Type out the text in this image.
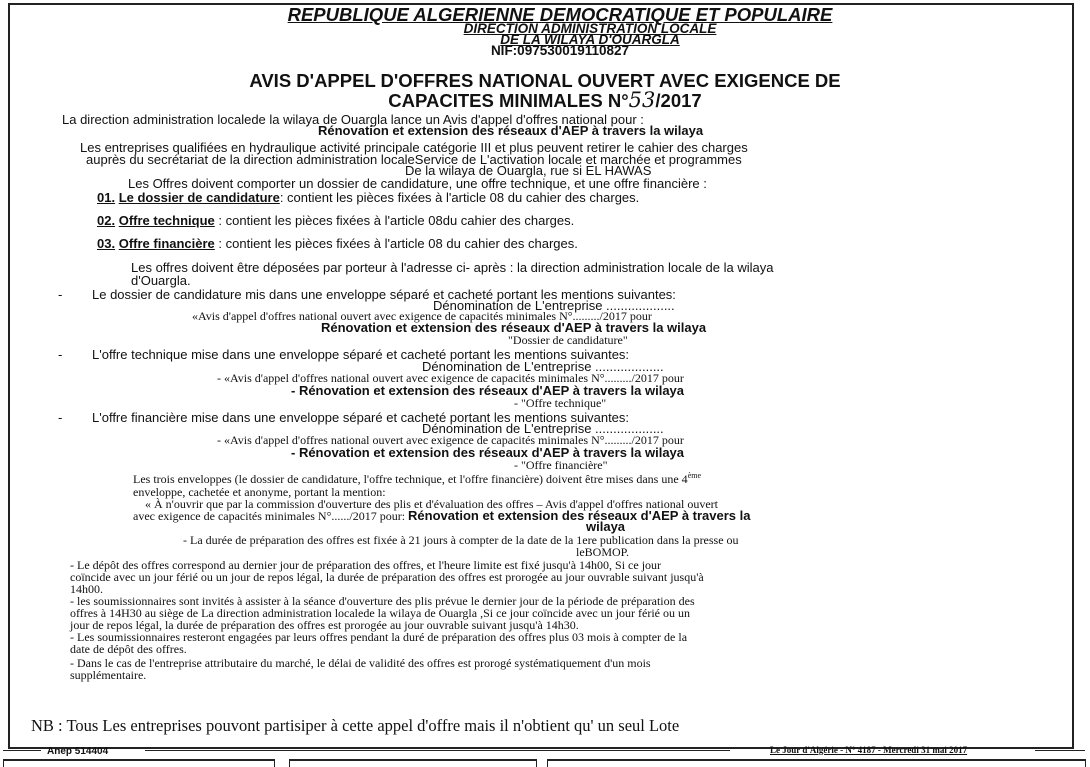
REPUBLIQUE ALGERIENNE DEMOCRATIQUE ET POPULAIRE
DIRECTION ADMINISTRATION LOCALE
DE LA WILAYA D'OUARGLA
NIF:097530019110827
AVIS D'APPEL D'OFFRES NATIONAL OUVERT AVEC EXIGENCE DE
CAPACITES MINIMALES N°53/2017
La direction administration localede la wilaya de Ouargla lance un Avis d'appel d'offres national pour :
Rénovation et extension des réseaux d'AEP à travers la wilaya
Les entreprises qualifiées en hydraulique activité principale catégorie III et plus peuvent retirer le cahier des charges
auprès du secrétariat de la direction administration localeService de L'activation locale et marchée et programmes
De la wilaya de Ouargla, rue si EL HAWAS
Les Offres doivent comporter un dossier de candidature, une offre technique, et une offre financière :
01. Le dossier de candidature: contient les pièces fixées à l'article 08 du cahier des charges.
02. Offre technique : contient les pièces fixées à l'article 08du cahier des charges.
03. Offre financière : contient les pièces fixées à l'article 08 du cahier des charges.
Les offres doivent être déposées par porteur à l'adresse ci- après : la direction administration locale de la wilaya
d'Ouargla.
- Le dossier de candidature mis dans une enveloppe séparé et cacheté portant les mentions suivantes:
Dénomination de L'entreprise ...................
«Avis d'appel d'offres national ouvert avec exigence de capacités minimales N°........./2017 pour
Rénovation et extension des réseaux d'AEP à travers la wilaya
"Dossier de candidature"
- L'offre technique mise dans une enveloppe séparé et cacheté portant les mentions suivantes:
Dénomination de L'entreprise ...................
- «Avis d'appel d'offres national ouvert avec exigence de capacités minimales N°........./2017 pour
- Rénovation et extension des réseaux d'AEP à travers la wilaya
- "Offre technique"
- L'offre financière mise dans une enveloppe séparé et cacheté portant les mentions suivantes:
Dénomination de L'entreprise ...................
- «Avis d'appel d'offres national ouvert avec exigence de capacités minimales N°........./2017 pour
- Rénovation et extension des réseaux d'AEP à travers la wilaya
- "Offre financière"
Les trois enveloppes (le dossier de candidature, l'offre technique, et l'offre financière) doivent être mises dans une 4ème
enveloppe, cachetée et anonyme, portant la mention:
« À n'ouvrir que par la commission d'ouverture des plis et d'évaluation des offres – Avis d'appel d'offres national ouvert
avec exigence de capacités minimales N°....../2017 pour: Rénovation et extension des réseaux d'AEP à travers la
wilaya
- La durée de préparation des offres est fixée à 21 jours à compter de la date de la 1ere publication dans la presse ou
leBOMOP.
- Le dépôt des offres correspond au dernier jour de préparation des offres, et l'heure limite est fixé jusqu'à 14h00, Si ce jour
coïncide avec un jour férié ou un jour de repos légal, la durée de préparation des offres est prorogée au jour ouvrable suivant jusqu'à
14h00.
- les soumissionnaires sont invités à assister à la séance d'ouverture des plis prévue le dernier jour de la période de préparation des
offres à 14H30 au siège de La direction administration localede la wilaya de Ouargla ,Si ce jour coïncide avec un jour férié ou un
jour de repos légal, la durée de préparation des offres est prorogée au jour ouvrable suivant jusqu'à 14h30.
- Les soumissionnaires resteront engagées par leurs offres pendant la duré de préparation des offres plus 03 mois à compter de la
date de dépôt des offres.
- Dans le cas de l'entreprise attributaire du marché, le délai de validité des offres est prorogé systématiquement d'un mois
supplémentaire.
NB : Tous Les entreprises pouvont partisiper à cette appel d'offre mais il n'obtient qu' un seul Lote
Anep 514404	Le Jour d'Algérie - N° 4187 - Mercredi 31 mai 2017
